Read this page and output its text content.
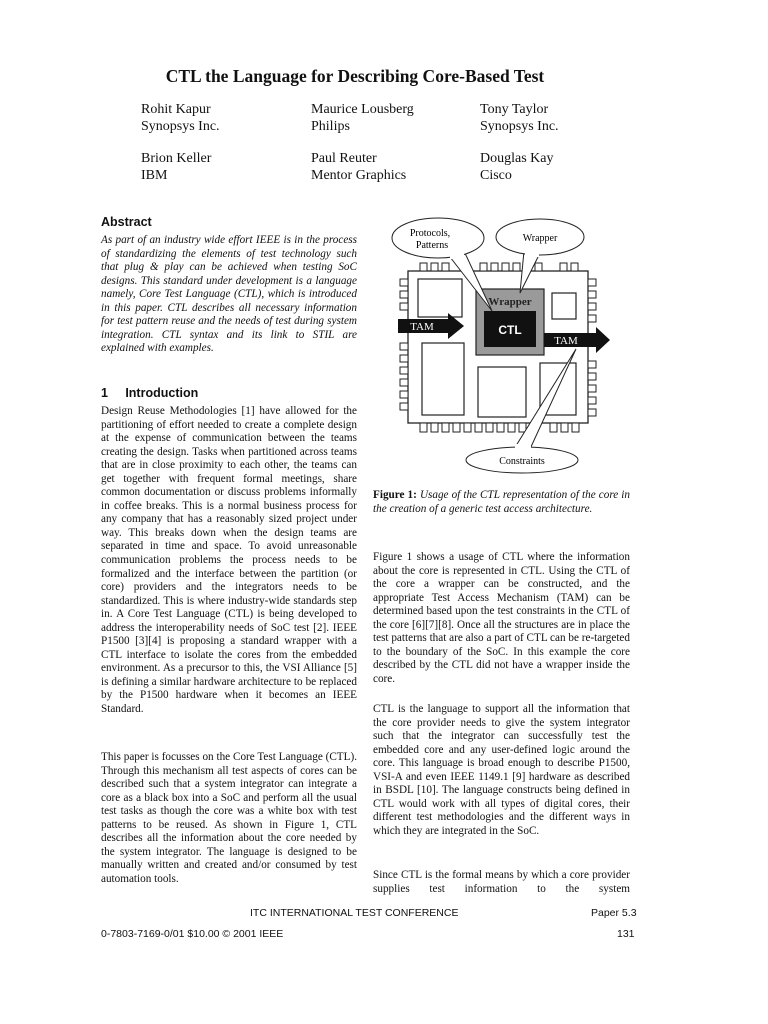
CTL the Language for Describing Core-Based Test
Rohit Kapur
Synopsys Inc.
Maurice Lousberg
Philips
Tony Taylor
Synopsys Inc.
Brion Keller
IBM
Paul Reuter
Mentor Graphics
Douglas Kay
Cisco
Abstract

As part of an industry wide effort IEEE is in the process of standardizing the elements of test technology such that plug & play can be achieved when testing SoC designs. This standard under development is a language namely, Core Test Language (CTL), which is introduced in this paper. CTL describes all necessary information for test pattern reuse and the needs of test during system integration. CTL syntax and its link to STIL are explained with examples.

1 Introduction

Design Reuse Methodologies [1] have allowed for the partitioning of effort needed to create a complete design at the expense of communication between the teams creating the design. Tasks when partitioned across teams that are in close proximity to each other, the teams can get together with frequent formal meetings, share common documentation or discuss problems informally in coffee breaks. This is a normal business process for any company that has a reasonably sized project under way. This breaks down when the design teams are separated in time and space. To avoid unreasonable communication problems the process needs to be formalized and the interface between the partition (or core) providers and the integrators needs to be standardized. This is where industry-wide standards step in. A Core Test Language (CTL) is being developed to address the interoperability needs of SoC test [2]. IEEE P1500 [3][4] is proposing a standard wrapper with a CTL interface to isolate the cores from the embedded environment. As a precursor to this, the VSI Alliance [5] is defining a similar hardware architecture to be replaced by the P1500 hardware when it becomes an IEEE Standard.

This paper is focusses on the Core Test Language (CTL). Through this mechanism all test aspects of cores can be described such that a system integrator can integrate a core as a black box into a SoC and perform all the usual test tasks as though the core was a white box with test patterns to be reused. As shown in Figure 1, CTL describes all the information about the core needed by the system integrator. The language is designed to be manually written and created and/or consumed by test automation tools.

Wrapper
CTL
TAM
TAM
Protocols,
Patterns
Wrapper
Constraints
Figure 1: Usage of the CTL representation of the core in the creation of a generic test access architecture.

Figure 1 shows a usage of CTL where the information about the core is represented in CTL. Using the CTL of the core a wrapper can be constructed, and the appropriate Test Access Mechanism (TAM) can be determined based upon the test constraints in the CTL of the core [6][7][8]. Once all the structures are in place the test patterns that are also a part of CTL can be re-targeted to the boundary of the SoC. In this example the core described by the CTL did not have a wrapper inside the core.

CTL is the language to support all the information that the core provider needs to give the system integrator such that the integrator can successfully test the embedded core and any user-defined logic around the core. This language is broad enough to describe P1500, VSI-A and even IEEE 1149.1 [9] hardware as described in BSDL [10]. The language constructs being defined in CTL would work with all types of digital cores, their different test methodologies and the different ways in which they are integrated in the SoC.

Since CTL is the formal means by which a core provider supplies test information to the system

ITC INTERNATIONAL TEST CONFERENCE	Paper 5.3
0-7803-7169-0/01 $10.00 © 2001 IEEE	131
